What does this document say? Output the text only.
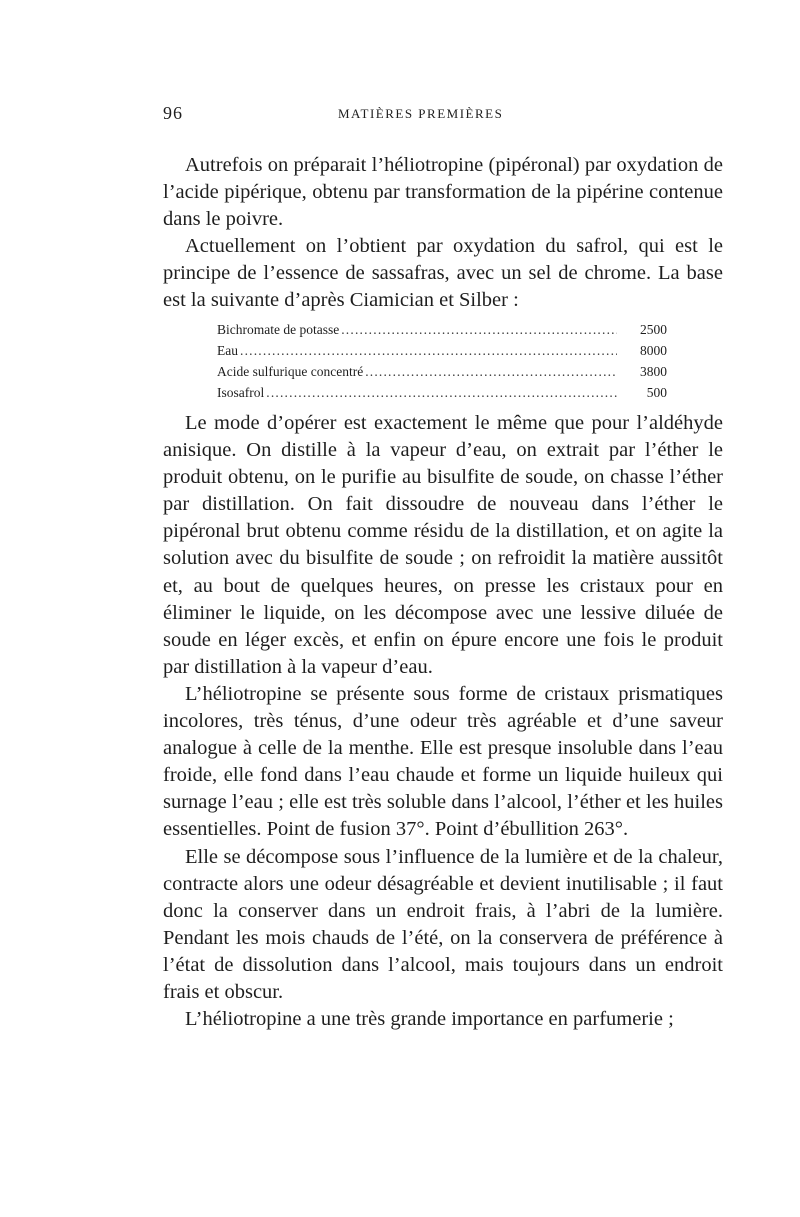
96	MATIÈRES PREMIÈRES

Autrefois on préparait l’héliotropine (pipéronal) par oxydation de l’acide pipérique, obtenu par transformation de la pipérine contenue dans le poivre.

Actuellement on l’obtient par oxydation du safrol, qui est le principe de l’essence de sassafras, avec un sel de chrome. La base est la suivante d’après Ciamician et Silber :

Bichromate de potasse .....	2500
Eau .....	8000
Acide sulfurique concentré .....	3800
Isosafrol .....	500

Le mode d’opérer est exactement le même que pour l’aldéhyde anisique. On distille à la vapeur d’eau, on extrait par l’éther le produit obtenu, on le purifie au bisulfite de soude, on chasse l’éther par distillation. On fait dissoudre de nouveau dans l’éther le pipéronal brut obtenu comme résidu de la distillation, et on agite la solution avec du bisulfite de soude ; on refroidit la matière aussitôt et, au bout de quelques heures, on presse les cristaux pour en éliminer le liquide, on les décompose avec une lessive diluée de soude en léger excès, et enfin on épure encore une fois le produit par distillation à la vapeur d’eau.

L’héliotropine se présente sous forme de cristaux prismatiques incolores, très ténus, d’une odeur très agréable et d’une saveur analogue à celle de la menthe. Elle est presque insoluble dans l’eau froide, elle fond dans l’eau chaude et forme un liquide huileux qui surnage l’eau ; elle est très soluble dans l’alcool, l’éther et les huiles essentielles. Point de fusion 37°. Point d’ébullition 263°.

Elle se décompose sous l’influence de la lumière et de la chaleur, contracte alors une odeur désagréable et devient inutilisable ; il faut donc la conserver dans un endroit frais, à l’abri de la lumière. Pendant les mois chauds de l’été, on la conservera de préférence à l’état de dissolution dans l’alcool, mais toujours dans un endroit frais et obscur.

L’héliotropine a une très grande importance en parfumerie ;
